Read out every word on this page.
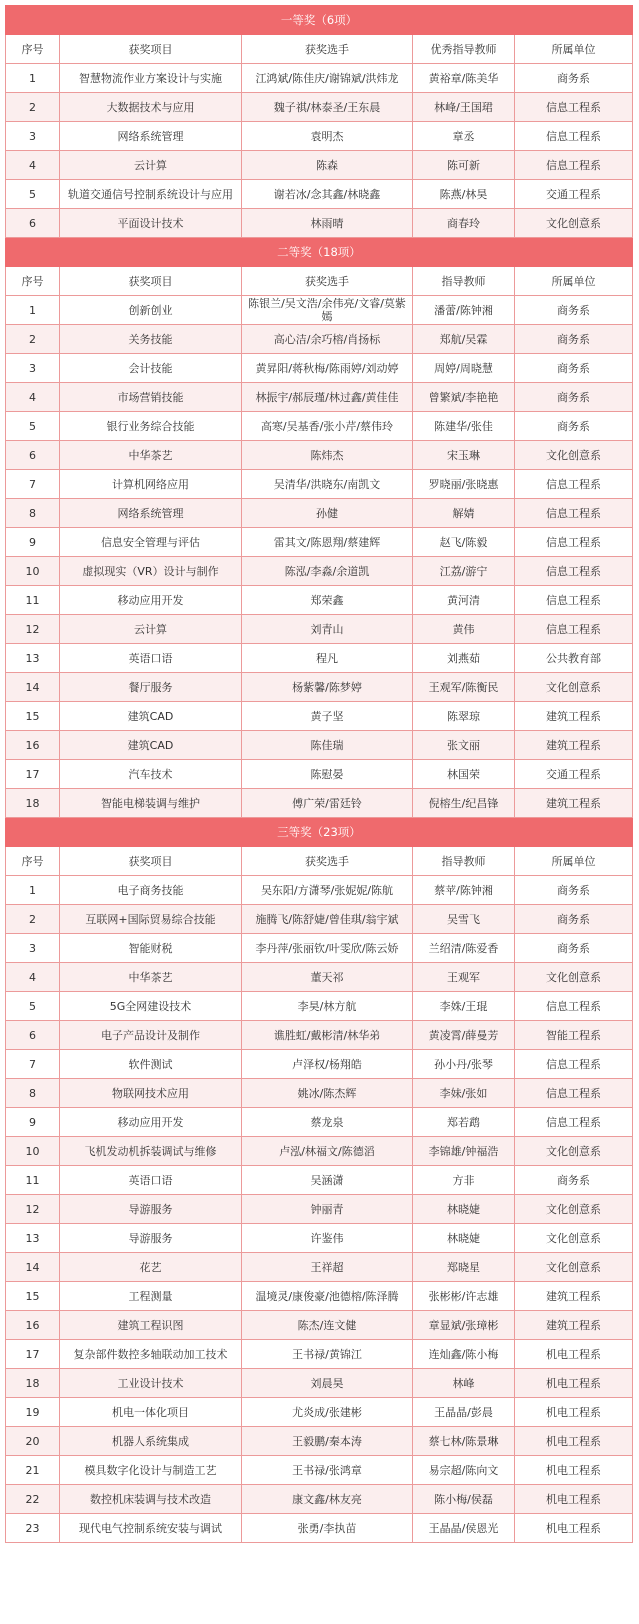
一等奖（6项）				
序号	获奖项目	获奖选手	优秀指导教师	所属单位
1	智慧物流作业方案设计与实施	江鸿斌/陈佳庆/谢锦斌/洪炜龙	黄裕章/陈美华	商务系
2	大数据技术与应用	魏子祺/林泰圣/王东晨	林峰/王国珺	信息工程系
3	网络系统管理	袁明杰	章丞	信息工程系
4	云计算	陈森	陈可新	信息工程系
5	轨道交通信号控制系统设计与应用	谢若冰/念其鑫/林晓鑫	陈燕/林昊	交通工程系
6	平面设计技术	林雨晴	商春玲	文化创意系
二等奖（18项）				
序号	获奖项目	获奖选手	指导教师	所属单位
1	创新创业	陈银兰/吴文浩/余伟亮/文睿/莫紫嫣	潘蕾/陈钟湘	商务系
2	关务技能	高心洁/余巧榕/肖扬标	郑航/吴霖	商务系
3	会计技能	黄昇阳/蒋秋梅/陈雨婷/刘动婷	周婷/周晓慧	商务系
4	市场营销技能	林振宇/郝辰瑾/林过鑫/黄佳佳	曾繁斌/李艳艳	商务系
5	银行业务综合技能	高寒/吴基香/张小芹/蔡伟玲	陈建华/张佳	商务系
6	中华茶艺	陈炜杰	宋玉琳	文化创意系
7	计算机网络应用	吴清华/洪晓东/南凯文	罗晓丽/张晓惠	信息工程系
8	网络系统管理	孙健	解婧	信息工程系
9	信息安全管理与评估	雷其文/陈恩翔/蔡建辉	赵飞/陈毅	信息工程系
10	虚拟现实（VR）设计与制作	陈泓/李淼/余道凯	江荔/游宁	信息工程系
11	移动应用开发	郑荣鑫	黄河清	信息工程系
12	云计算	刘青山	黄伟	信息工程系
13	英语口语	程凡	刘燕茹	公共教育部
14	餐厅服务	杨紫馨/陈梦婷	王观军/陈衡民	文化创意系
15	建筑CAD	黄子坚	陈翠琼	建筑工程系
16	建筑CAD	陈佳瑞	张文丽	建筑工程系
17	汽车技术	陈慰晏	林国荣	交通工程系
18	智能电梯装调与维护	傅广荣/雷廷铃	倪榕生/纪昌锋	建筑工程系
三等奖（23项）				
序号	获奖项目	获奖选手	指导教师	所属单位
1	电子商务技能	吴东阳/方潇琴/张妮妮/陈航	蔡苹/陈钟湘	商务系
2	互联网+国际贸易综合技能	施腾飞/陈舒婕/曾佳琪/翁宇斌	吴雪飞	商务系
3	智能财税	李丹萍/张丽钦/叶雯欣/陈云娇	兰绍清/陈爱香	商务系
4	中华茶艺	董天祁	王观军	文化创意系
5	5G全网建设技术	李昊/林方航	李姝/王琨	信息工程系
6	电子产品设计及制作	谯胜虹/戴彬清/林华弟	黄凌霄/薛曼芳	智能工程系
7	软件测试	卢泽权/杨翔皓	孙小丹/张琴	信息工程系
8	物联网技术应用	姚冰/陈杰辉	李妹/张如	信息工程系
9	移动应用开发	蔡龙泉	郑若鹉	信息工程系
10	飞机发动机拆装调试与维修	卢泓/林福文/陈德滔	李锦雄/钟福浩	文化创意系
11	英语口语	吴涵潇	方非	商务系
12	导游服务	钟丽青	林晓婕	文化创意系
13	导游服务	许鉴伟	林晓婕	文化创意系
14	花艺	王祥超	郑晓星	文化创意系
15	工程测量	温境灵/康俊豪/池德榕/陈泽腾	张彬彬/许志雄	建筑工程系
16	建筑工程识图	陈杰/连文健	章显斌/张璋彬	建筑工程系
17	复杂部件数控多轴联动加工技术	王书禄/黄锦江	连灿鑫/陈小梅	机电工程系
18	工业设计技术	刘晨昊	林峰	机电工程系
19	机电一体化项目	尤炎成/张建彬	王晶晶/彭晨	机电工程系
20	机器人系统集成	王毅鹏/秦本涛	蔡七林/陈景琳	机电工程系
21	模具数字化设计与制造工艺	王书禄/张鸿章	易宗超/陈向文	机电工程系
22	数控机床装调与技术改造	康文鑫/林友亮	陈小梅/侯磊	机电工程系
23	现代电气控制系统安装与调试	张勇/李执苗	王晶晶/侯恩光	机电工程系
